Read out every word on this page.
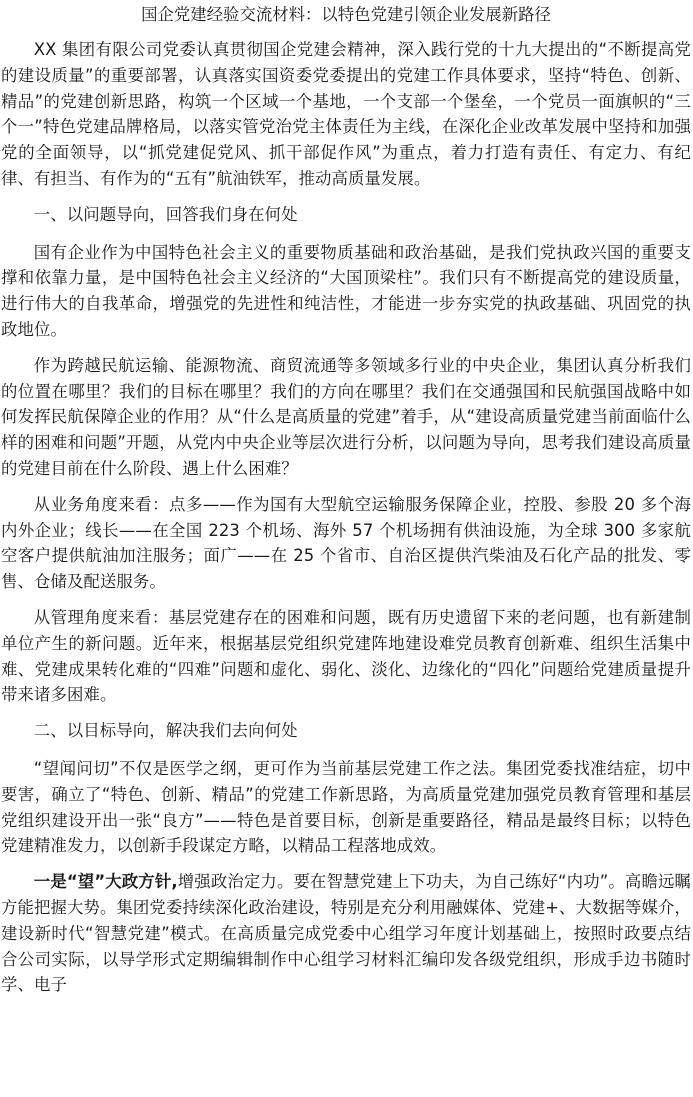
国企党建经验交流材料：以特色党建引领企业发展新路径

XX 集团有限公司党委认真贯彻国企党建会精神，深入践行党的十九大提出的“不断提高党的建设质量”的重要部署，认真落实国资委党委提出的党建工作具体要求，坚持“特色、创新、精品”的党建创新思路，构筑一个区域一个基地，一个支部一个堡垒，一个党员一面旗帜的“三个一”特色党建品牌格局，以落实管党治党主体责任为主线，在深化企业改革发展中坚持和加强党的全面领导，以“抓党建促党风、抓干部促作风”为重点，着力打造有责任、有定力、有纪律、有担当、有作为的“五有”航油铁军，推动高质量发展。

一、以问题导向，回答我们身在何处

国有企业作为中国特色社会主义的重要物质基础和政治基础，是我们党执政兴国的重要支撑和依靠力量，是中国特色社会主义经济的“大国顶梁柱”。我们只有不断提高党的建设质量，进行伟大的自我革命，增强党的先进性和纯洁性，才能进一步夯实党的执政基础、巩固党的执政地位。

作为跨越民航运输、能源物流、商贸流通等多领域多行业的中央企业，集团认真分析我们的位置在哪里？我们的目标在哪里？我们的方向在哪里？我们在交通强国和民航强国战略中如何发挥民航保障企业的作用？从“什么是高质量的党建”着手，从“建设高质量党建当前面临什么样的困难和问题”开题，从党内中央企业等层次进行分析，以问题为导向，思考我们建设高质量的党建目前在什么阶段、遇上什么困难？

从业务角度来看：点多——作为国有大型航空运输服务保障企业，控股、参股 20 多个海内外企业；线长——在全国 223 个机场、海外 57 个机场拥有供油设施，为全球 300 多家航空客户提供航油加注服务；面广——在 25 个省市、自治区提供汽柴油及石化产品的批发、零售、仓储及配送服务。

从管理角度来看：基层党建存在的困难和问题，既有历史遗留下来的老问题，也有新建制单位产生的新问题。近年来，根据基层党组织党建阵地建设难党员教育创新难、组织生活集中难、党建成果转化难的“四难”问题和虚化、弱化、淡化、边缘化的“四化”问题给党建质量提升带来诸多困难。

二、以目标导向，解决我们去向何处

“望闻问切”不仅是医学之纲，更可作为当前基层党建工作之法。集团党委找准结症，切中要害，确立了“特色、创新、精品”的党建工作新思路，为高质量党建加强党员教育管理和基层党组织建设开出一张“良方”——特色是首要目标，创新是重要路径，精品是最终目标；以特色党建精准发力，以创新手段谋定方略，以精品工程落地成效。

一是“望”大政方针,增强政治定力。要在智慧党建上下功夫，为自己练好“内功”。高瞻远瞩方能把握大势。集团党委持续深化政治建设，特别是充分利用融媒体、党建+、大数据等媒介，建设新时代“智慧党建”模式。在高质量完成党委中心组学习年度计划基础上，按照时政要点结合公司实际，以导学形式定期编辑制作中心组学习材料汇编印发各级党组织，形成手边书随时学、电子
